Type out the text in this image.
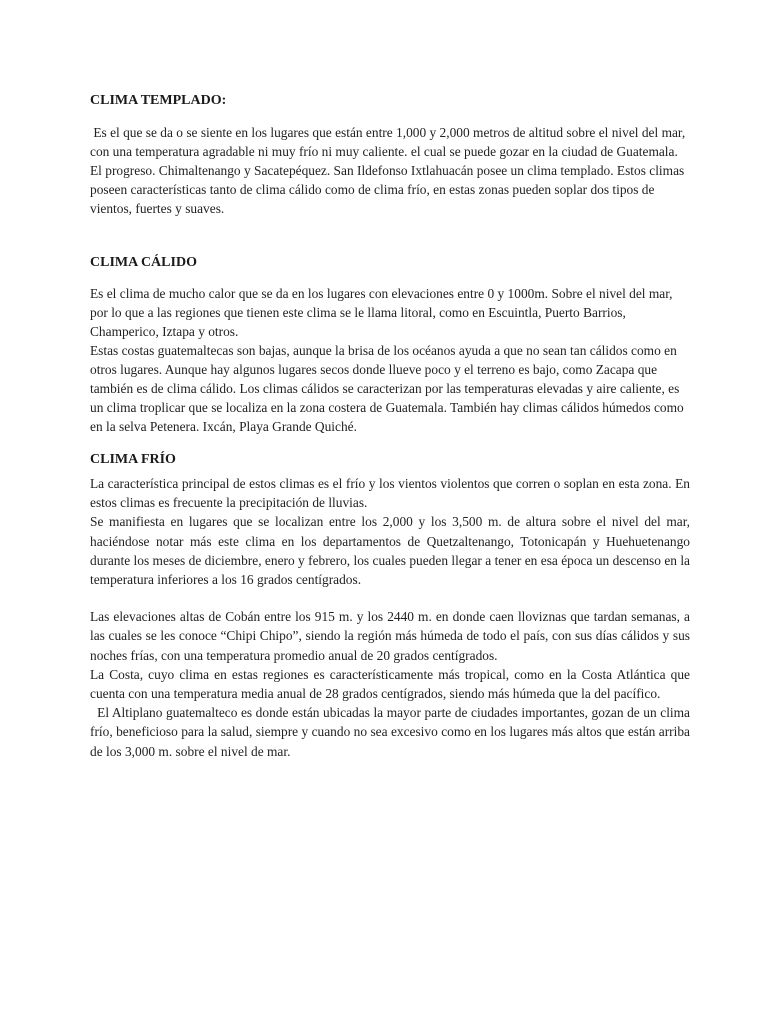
CLIMA TEMPLADO:

Es el que se da o se siente en los lugares que están entre 1,000 y 2,000 metros de altitud sobre el nivel del mar, con una temperatura agradable ni muy frío ni muy caliente. el cual se puede gozar en la ciudad de Guatemala. El progreso. Chimaltenango y Sacatepéquez. San Ildefonso Ixtlahuacán posee un clima templado. Estos climas poseen características tanto de clima cálido como de clima frío, en estas zonas pueden soplar dos tipos de vientos, fuertes y suaves.

CLIMA CÁLIDO

Es el clima de mucho calor que se da en los lugares con elevaciones entre 0 y 1000m. Sobre el nivel del mar, por lo que a las regiones que tienen este clima se le llama litoral, como en Escuintla, Puerto Barrios, Champerico, Iztapa y otros.

Estas costas guatemaltecas son bajas, aunque la brisa de los océanos ayuda a que no sean tan cálidos como en otros lugares. Aunque hay algunos lugares secos donde llueve poco y el terreno es bajo, como Zacapa que también es de clima cálido. Los climas cálidos se caracterizan por las temperaturas elevadas y aire caliente, es un clima troplicar que se localiza en la zona costera de Guatemala. También hay climas cálidos húmedos como en la selva Petenera. Ixcán, Playa Grande Quiché.

CLIMA FRÍO

La característica principal de estos climas es el frío y los vientos violentos que corren o soplan en esta zona. En estos climas es frecuente la precipitación de lluvias.

Se manifiesta en lugares que se localizan entre los 2,000 y los 3,500 m. de altura sobre el nivel del mar, haciéndose notar más este clima en los departamentos de Quetzaltenango, Totonicapán y Huehuetenango durante los meses de diciembre, enero y febrero, los cuales pueden llegar a tener en esa época un descenso en la temperatura inferiores a los 16 grados centígrados.

Las elevaciones altas de Cobán entre los 915 m. y los 2440 m. en donde caen lloviznas que tardan semanas, a las cuales se les conoce “Chipi Chipo”, siendo la región más húmeda de todo el país, con sus días cálidos y sus noches frías, con una temperatura promedio anual de 20 grados centígrados.

La Costa, cuyo clima en estas regiones es característicamente más tropical, como en la Costa Atlántica que cuenta con una temperatura media anual de 28 grados centígrados, siendo más húmeda que la del pacífico.

El Altiplano guatemalteco es donde están ubicadas la mayor parte de ciudades importantes, gozan de un clima frío, beneficioso para la salud, siempre y cuando no sea excesivo como en los lugares más altos que están arriba de los 3,000 m. sobre el nivel de mar.
